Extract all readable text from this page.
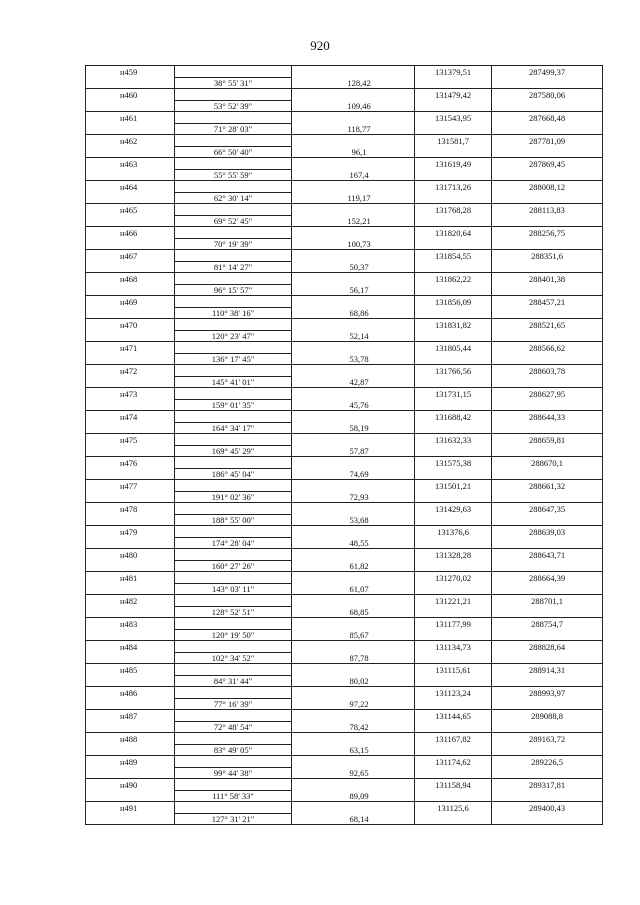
920
н459			131379,51	287499,37
	38° 55' 31"	128,42		
н460			131479,42	287580,06
	53° 52' 39"	109,46		
н461			131543,95	287668,48
	71° 28' 03"	118,77		
н462			131581,7	287781,09
	66° 50' 40"	96,1		
н463			131619,49	287869,45
	55° 55' 59"	167,4		
н464			131713,26	288008,12
	62° 30' 14"	119,17		
н465			131768,28	288113,83
	69° 52' 45"	152,21		
н466			131820,64	288256,75
	70° 19' 39"	100,73		
н467			131854,55	288351,6
	81° 14' 27"	50,37		
н468			131862,22	288401,38
	96° 15' 57"	56,17		
н469			131856,09	288457,21
	110° 38' 16"	68,86		
н470			131831,82	288521,65
	120° 23' 47"	52,14		
н471			131805,44	288566,62
	136° 17' 45"	53,78		
н472			131766,56	288603,78
	145° 41' 01"	42,87		
н473			131731,15	288627,95
	159° 01' 35"	45,76		
н474			131688,42	288644,33
	164° 34' 17"	58,19		
н475			131632,33	288659,81
	169° 45' 29"	57,87		
н476			131575,38	288670,1
	186° 45' 04"	74,69		
н477			131501,21	288661,32
	191° 02' 36"	72,93		
н478			131429,63	288647,35
	188° 55' 00"	53,68		
н479			131376,6	288639,03
	174° 28' 04"	48,55		
н480			131328,28	288643,71
	160° 27' 26"	61,82		
н481			131270,02	288664,39
	143° 03' 11"	61,07		
н482			131221,21	288701,1
	128° 52' 51"	68,85		
н483			131177,99	288754,7
	120° 19' 50"	85,67		
н484			131134,73	288828,64
	102° 34' 52"	87,78		
н485			131115,61	288914,31
	84° 31' 44"	80,02		
н486			131123,24	288993,97
	77° 16' 39"	97,22		
н487			131144,65	289088,8
	72° 48' 54"	78,42		
н488			131167,82	289163,72
	83° 49' 05"	63,15		
н489			131174,62	289226,5
	99° 44' 38"	92,65		
н490			131158,94	289317,81
	111° 58' 33"	89,09		
н491			131125,6	289400,43
	127° 31' 21"	68,14		
